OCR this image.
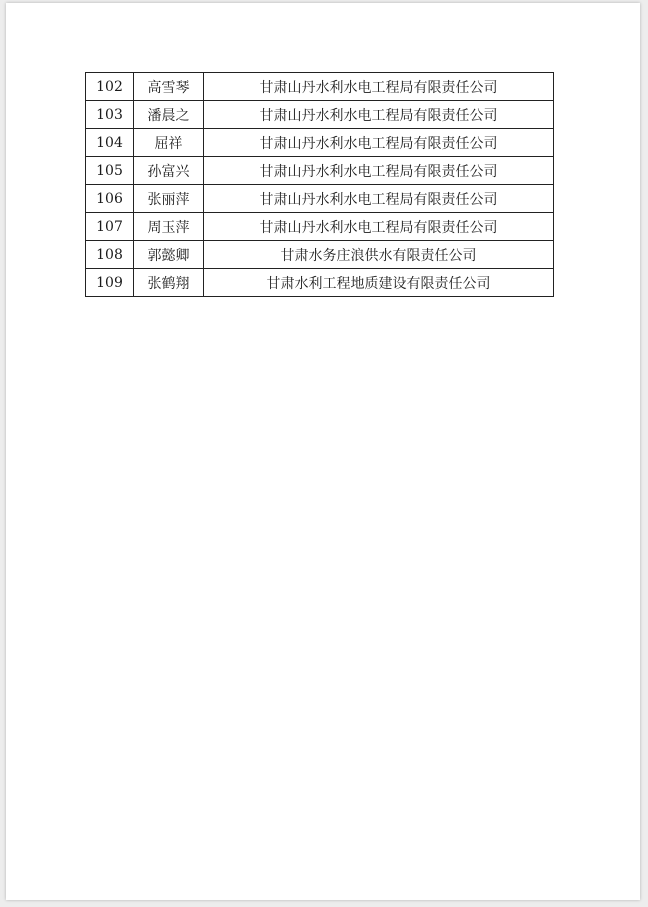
102	高雪琴	甘肃山丹水利水电工程局有限责任公司
103	潘晨之	甘肃山丹水利水电工程局有限责任公司
104	屈祥	甘肃山丹水利水电工程局有限责任公司
105	孙富兴	甘肃山丹水利水电工程局有限责任公司
106	张丽萍	甘肃山丹水利水电工程局有限责任公司
107	周玉萍	甘肃山丹水利水电工程局有限责任公司
108	郭懿卿	甘肃水务庄浪供水有限责任公司
109	张鹤翔	甘肃水利工程地质建设有限责任公司
